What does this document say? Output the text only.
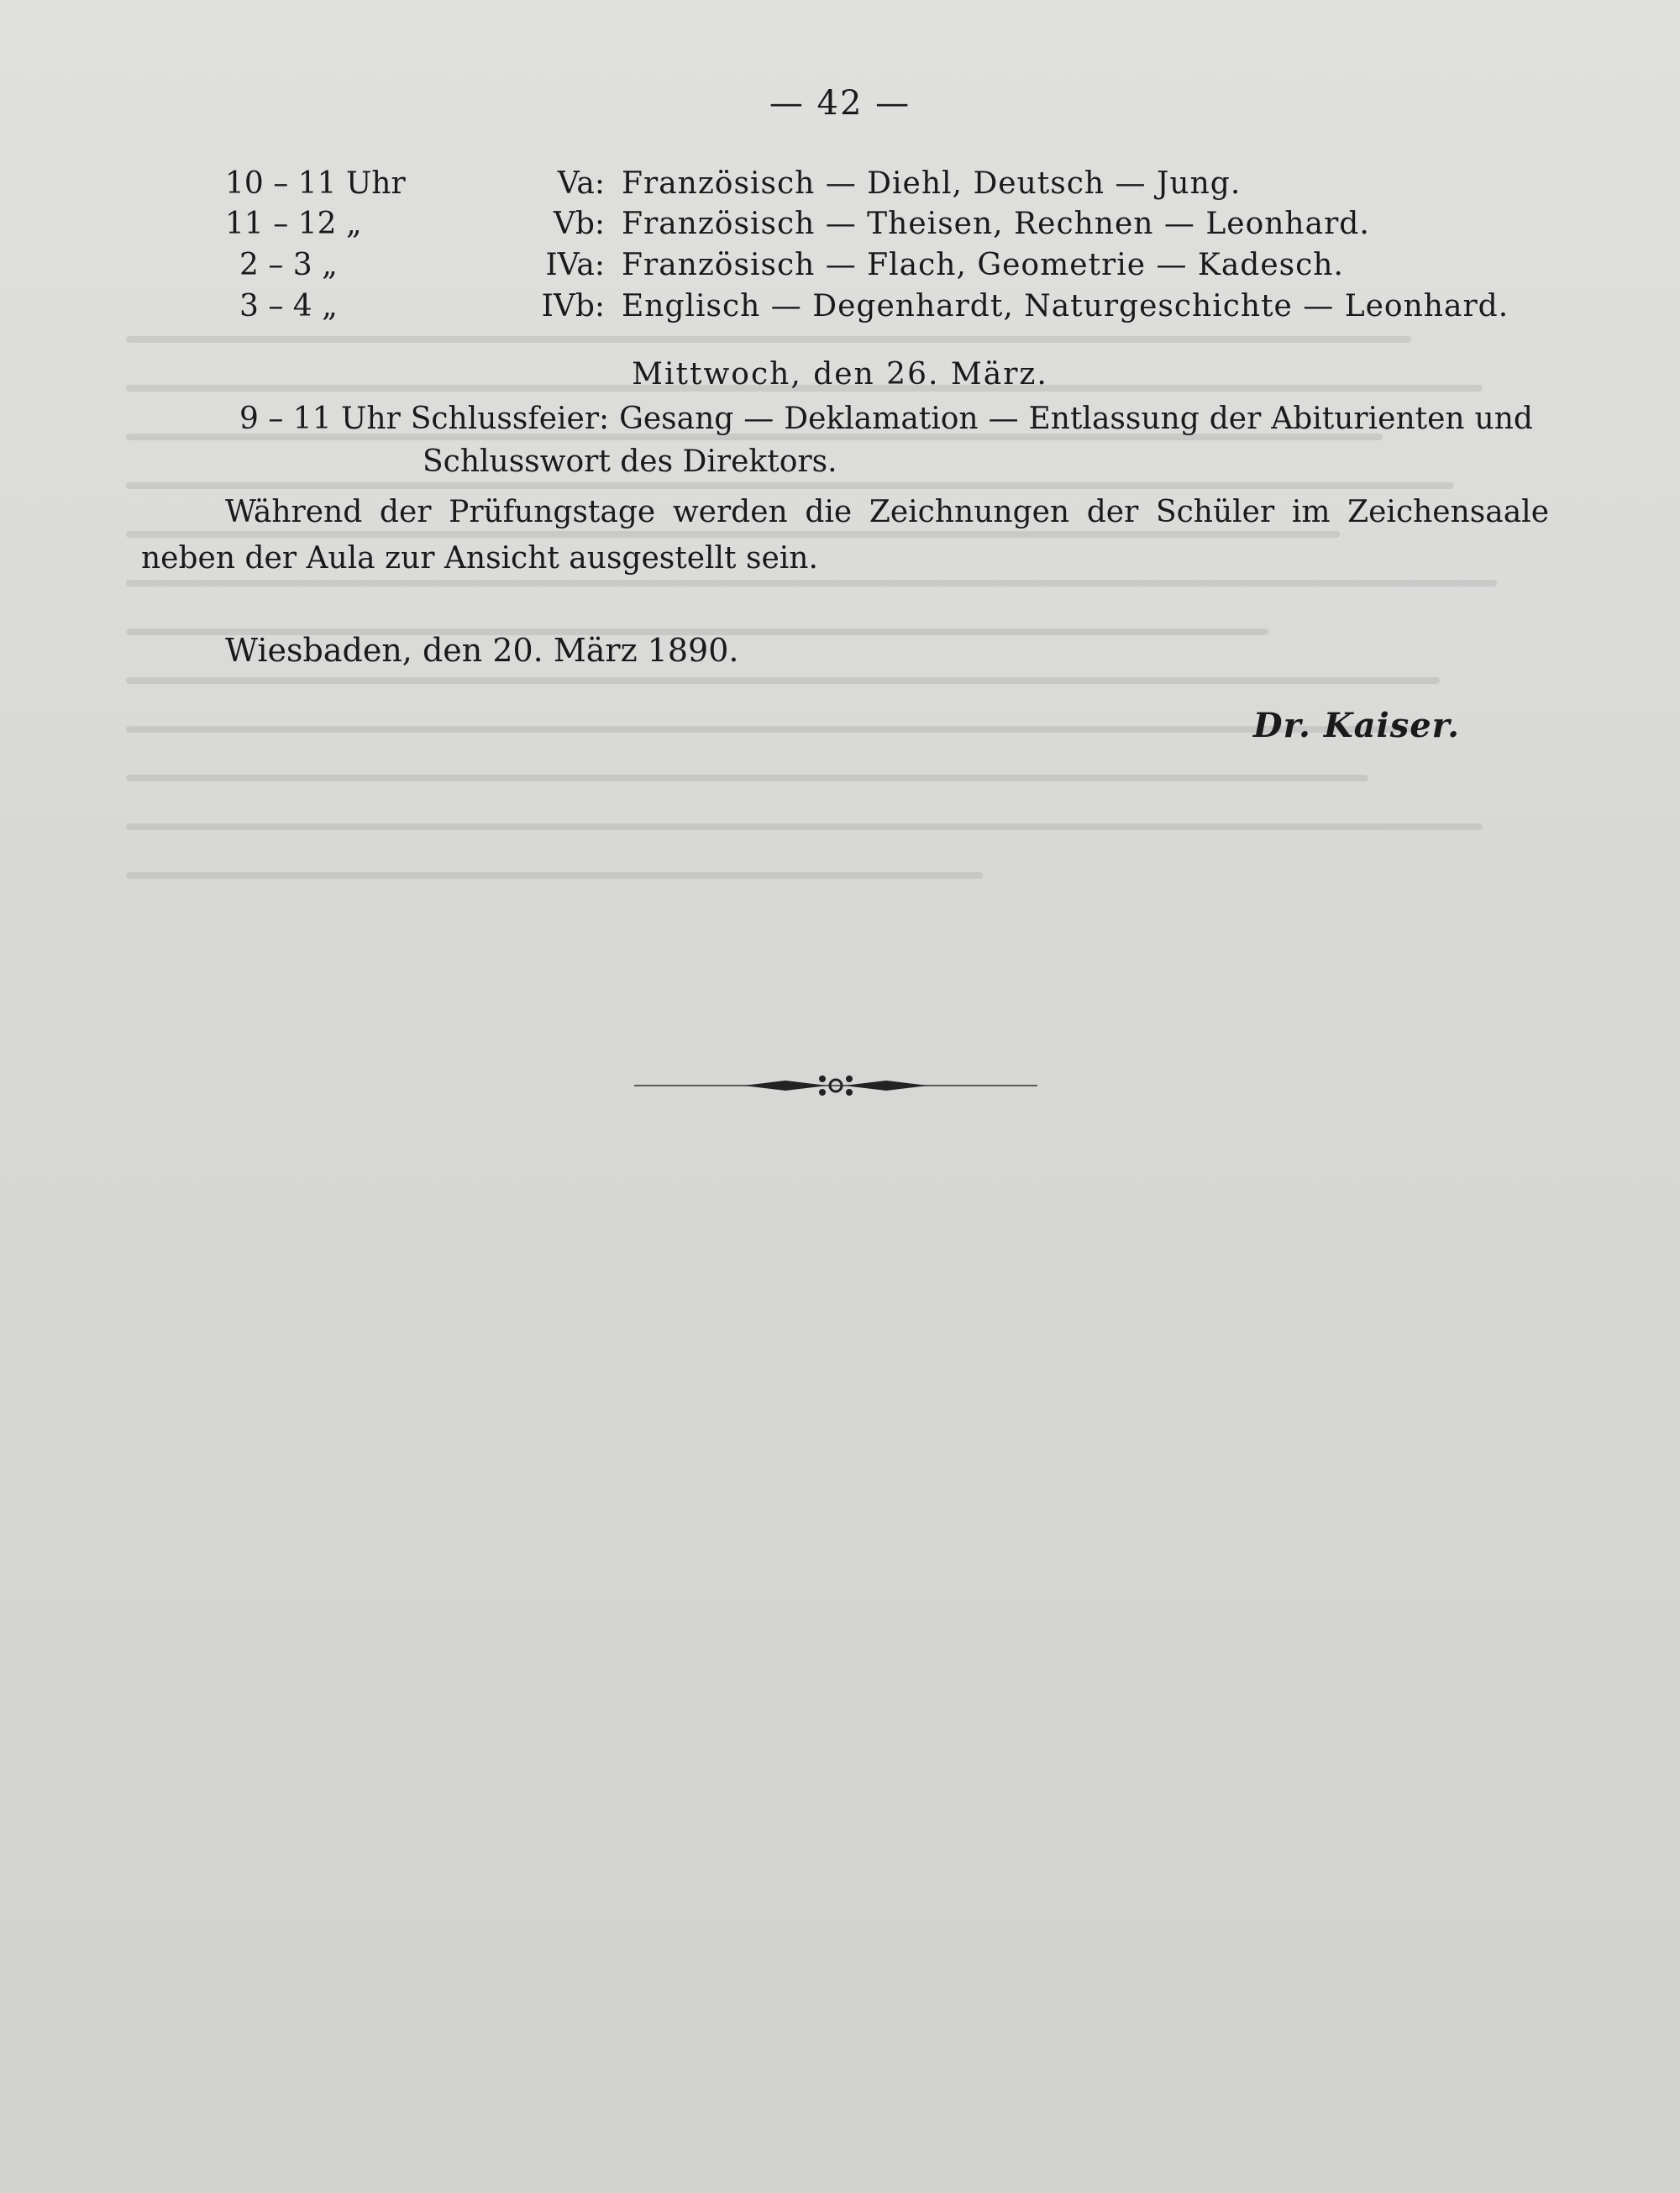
— 42 —
10 – 11 Uhr	Va: Französisch — Diehl, Deutsch — Jung.
11 – 12 „	Vb: Französisch — Theisen, Rechnen — Leonhard.
2 – 3 „	IVa: Französisch — Flach, Geometrie — Kadesch.
3 – 4 „	IVb: Englisch — Degenhardt, Naturgeschichte — Leonhard.
Mittwoch, den 26. März.
9 – 11 Uhr Schlussfeier: Gesang — Deklamation — Entlassung der Abiturienten und
Schlusswort des Direktors.
Während der Prüfungstage werden die Zeichnungen der Schüler im Zeichensaale neben der Aula zur Ansicht ausgestellt sein.
Wiesbaden, den 20. März 1890.
Dr. Kaiser.
